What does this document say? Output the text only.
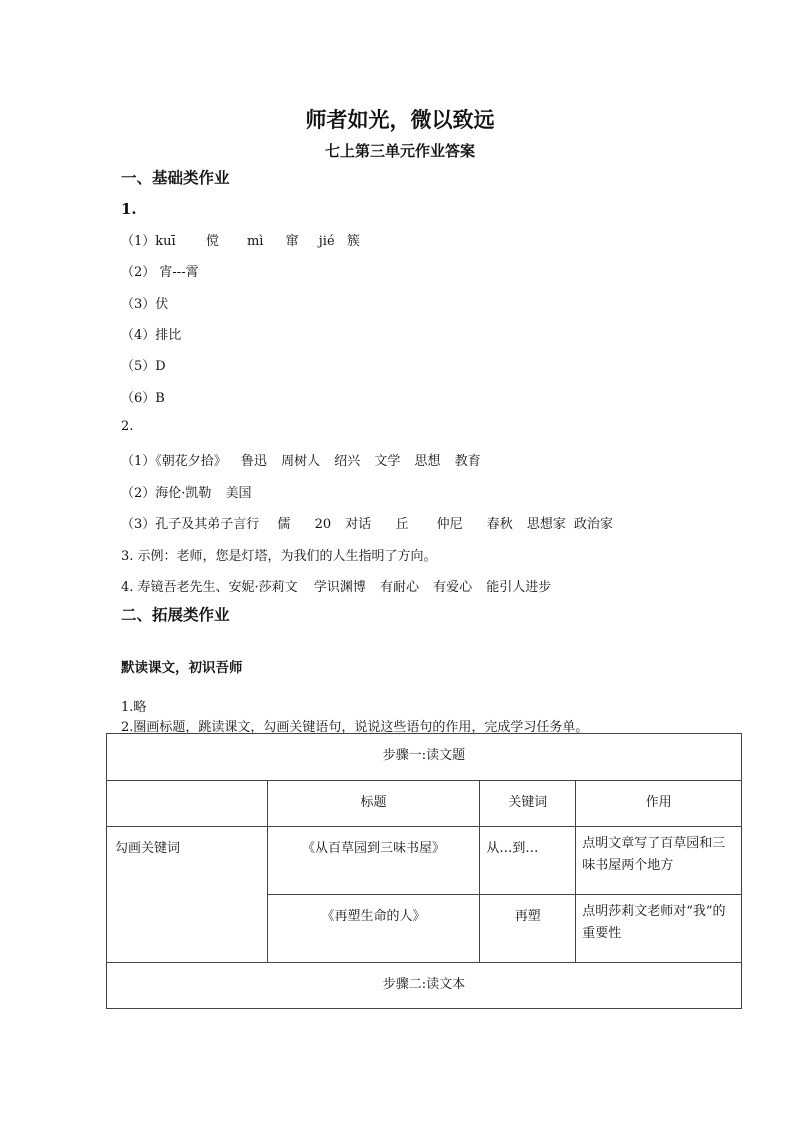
师者如光，微以致远
七上第三单元作业答案
一、基础类作业
1.
（1）kuī 傥 mì 窜 jié 簇
（2） 宵---霄
（3）伏
（4）排比
（5）D
（6）B
2.
（1）《朝花夕拾》 鲁迅 周树人 绍兴 文学 思想 教育
（2）海伦·凯勒 美国
（3）孔子及其弟子言行 儒 20 对话 丘 仲尼 春秋 思想家 政治家
3. 示例：老师，您是灯塔，为我们的人生指明了方向。
4. 寿镜吾老先生、安妮·莎莉文 学识渊博 有耐心 有爱心 能引人进步
二、拓展类作业
默读课文，初识吾师
1.略
2.圈画标题，跳读课文，勾画关键语句，说说这些语句的作用，完成学习任务单。
步骤一:读文题			
	标题	关键词	作用
勾画关键词	《从百草园到三味书屋》	从…到…	点明文章写了百草园和三味书屋两个地方
	《再塑生命的人》	再塑	点明莎莉文老师对“我”的重要性
步骤二:读文本			
